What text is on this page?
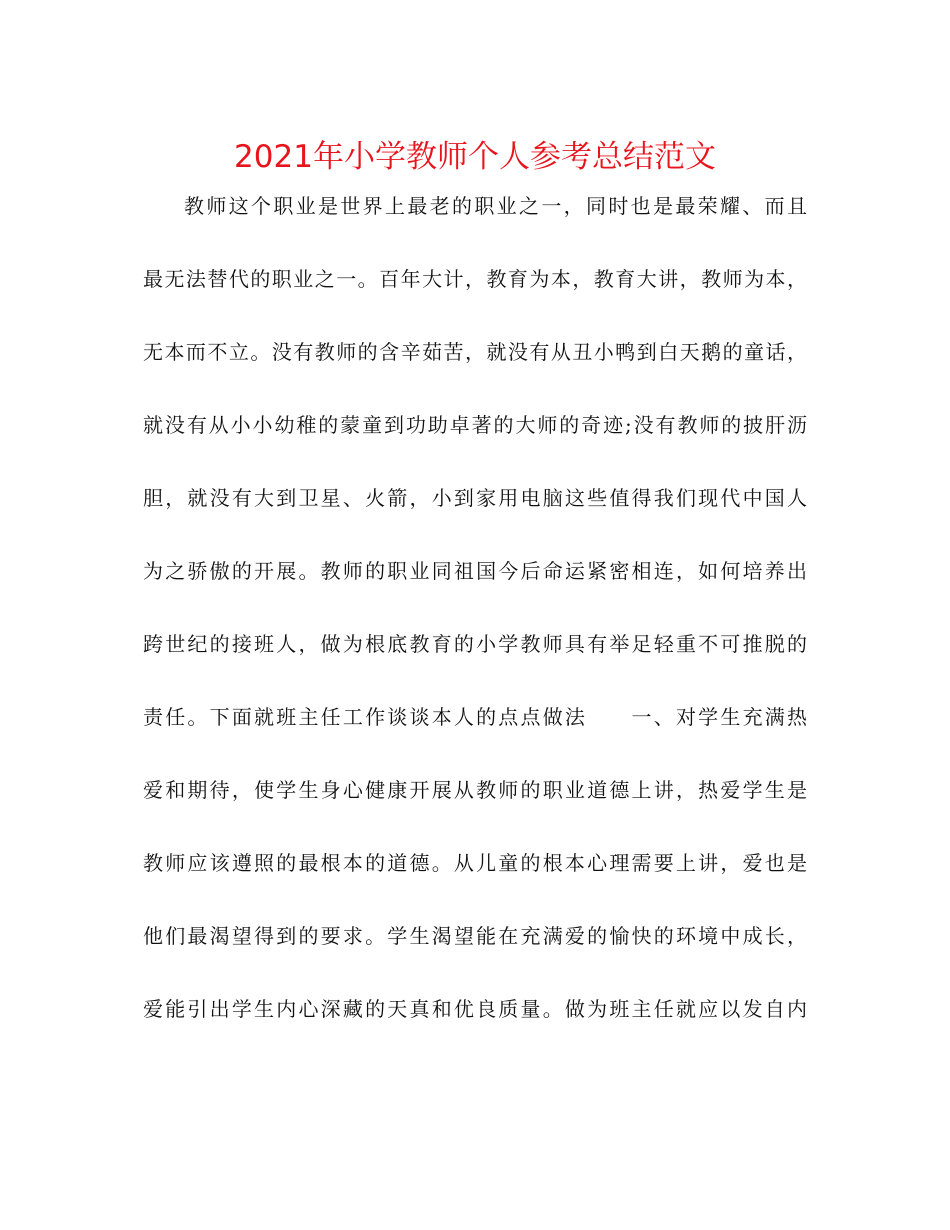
2021年小学教师个人参考总结范文
教师这个职业是世界上最老的职业之一，同时也是最荣耀、而且
最无法替代的职业之一。百年大计，教育为本，教育大讲，教师为本，
无本而不立。没有教师的含辛茹苦，就没有从丑小鸭到白天鹅的童话，
就没有从小小幼稚的蒙童到功助卓著的大师的奇迹;没有教师的披肝沥
胆，就没有大到卫星、火箭，小到家用电脑这些值得我们现代中国人
为之骄傲的开展。教师的职业同祖国今后命运紧密相连，如何培养出
跨世纪的接班人，做为根底教育的小学教师具有举足轻重不可推脱的
责任。下面就班主任工作谈谈本人的点点做法　　一、对学生充满热
爱和期待，使学生身心健康开展从教师的职业道德上讲，热爱学生是
教师应该遵照的最根本的道德。从儿童的根本心理需要上讲，爱也是
他们最渴望得到的要求。学生渴望能在充满爱的愉快的环境中成长，
爱能引出学生内心深藏的天真和优良质量。做为班主任就应以发自内
